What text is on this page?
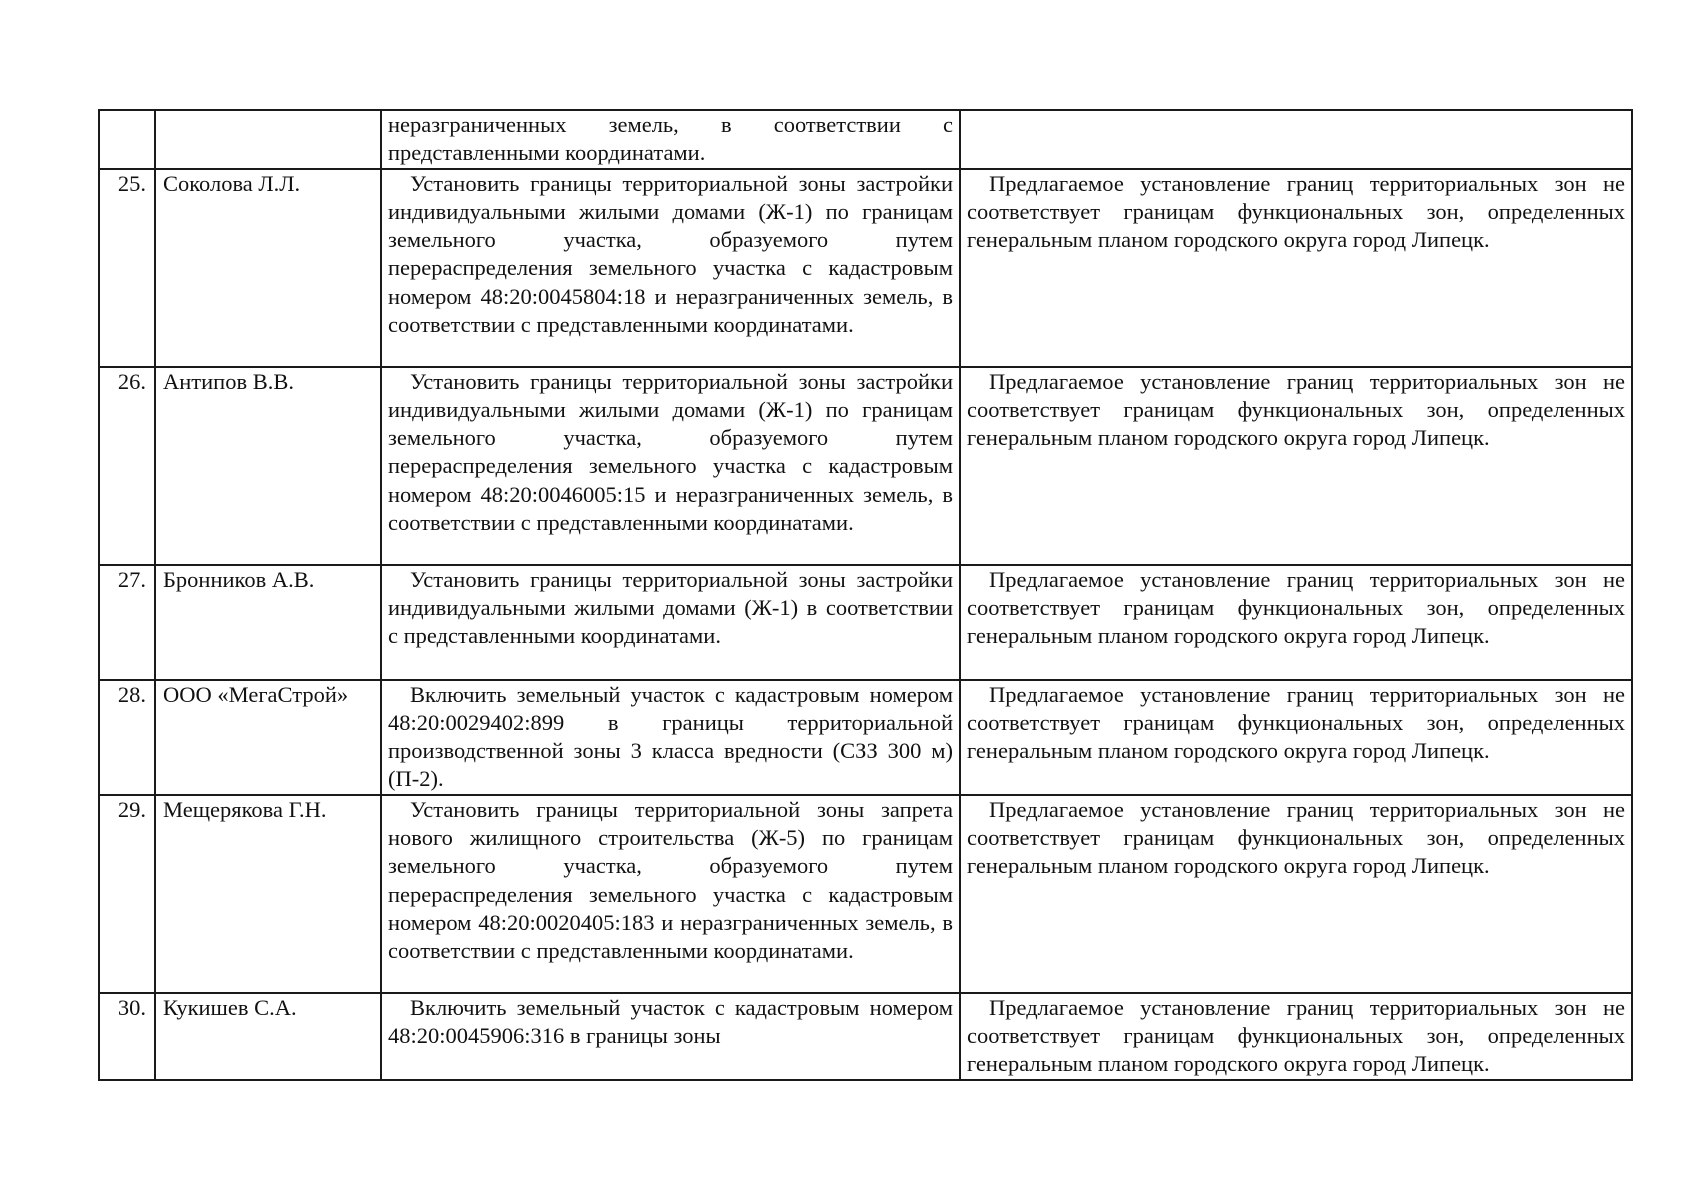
		неразграниченных земель, в соответствии с представленными координатами.	

25.	Соколова Л.Л.	Установить границы территориальной зоны застройки индивидуальными жилыми домами (Ж-1) по границам земельного участка, образуемого путем перераспределения земельного участка с кадастровым номером 48:20:0045804:18 и неразграниченных земель, в соответствии с представленными координатами.	Предлагаемое установление границ территориальных зон не соответствует границам функциональных зон, определенных генеральным планом городского округа город Липецк.

26.	Антипов В.В.	Установить границы территориальной зоны застройки индивидуальными жилыми домами (Ж-1) по границам земельного участка, образуемого путем перераспределения земельного участка с кадастровым номером 48:20:0046005:15 и неразграниченных земель, в соответствии с представленными координатами.	Предлагаемое установление границ территориальных зон не соответствует границам функциональных зон, определенных генеральным планом городского округа город Липецк.

27.	Бронников А.В.	Установить границы территориальной зоны застройки индивидуальными жилыми домами (Ж-1) в соответствии с представленными координатами.	Предлагаемое установление границ территориальных зон не соответствует границам функциональных зон, определенных генеральным планом городского округа город Липецк.

28.	ООО «МегаСтрой»	Включить земельный участок с кадастровым номером 48:20:0029402:899 в границы территориальной производственной зоны 3 класса вредности (СЗЗ 300 м) (П-2).	Предлагаемое установление границ территориальных зон не соответствует границам функциональных зон, определенных генеральным планом городского округа город Липецк.

29.	Мещерякова Г.Н.	Установить границы территориальной зоны запрета нового жилищного строительства (Ж-5) по границам земельного участка, образуемого путем перераспределения земельного участка с кадастровым номером 48:20:0020405:183 и неразграниченных земель, в соответствии с представленными координатами.	Предлагаемое установление границ территориальных зон не соответствует границам функциональных зон, определенных генеральным планом городского округа город Липецк.

30.	Кукишев С.А.	Включить земельный участок с кадастровым номером 48:20:0045906:316 в границы зоны	Предлагаемое установление границ территориальных зон не соответствует границам функциональных зон, определенных генеральным планом городского округа город Липецк.
